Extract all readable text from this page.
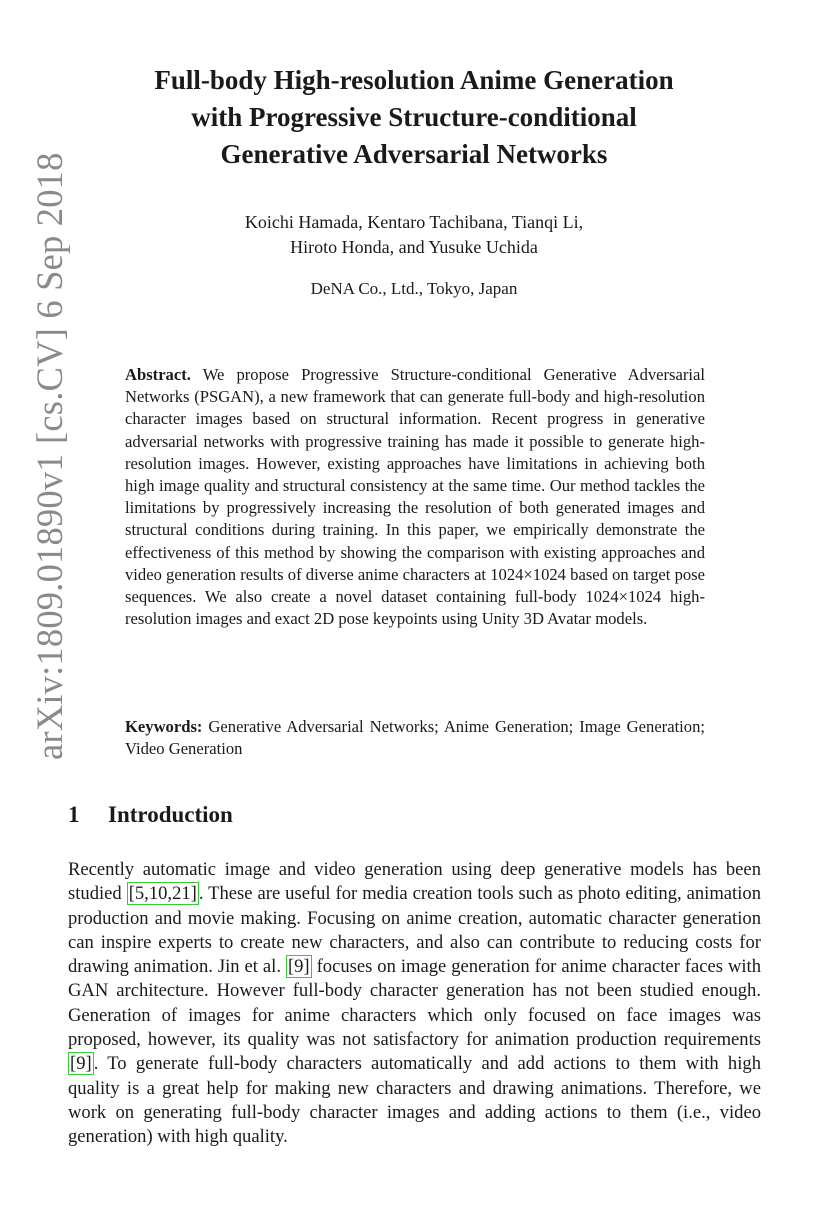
arXiv:1809.01890v1 [cs.CV] 6 Sep 2018
Full-body High-resolution Anime Generation
with Progressive Structure-conditional
Generative Adversarial Networks
Koichi Hamada, Kentaro Tachibana, Tianqi Li,
Hiroto Honda, and Yusuke Uchida
DeNA Co., Ltd., Tokyo, Japan
Abstract. We propose Progressive Structure-conditional Generative Adversarial Networks (PSGAN), a new framework that can generate full-body and high-resolution character images based on structural information. Recent progress in generative adversarial networks with progressive training has made it possible to generate high-resolution images. However, existing approaches have limitations in achieving both high image quality and structural consistency at the same time. Our method tackles the limitations by progressively increasing the resolution of both generated images and structural conditions during training. In this paper, we empirically demonstrate the effectiveness of this method by showing the comparison with existing approaches and video generation results of diverse anime characters at 1024×1024 based on target pose sequences. We also create a novel dataset containing full-body 1024×1024 high-resolution images and exact 2D pose keypoints using Unity 3D Avatar models.
Keywords: Generative Adversarial Networks; Anime Generation; Image Generation; Video Generation
1 Introduction
Recently automatic image and video generation using deep generative models has been studied [5,10,21] . These are useful for media creation tools such as photo editing, animation production and movie making. Focusing on anime creation, automatic character generation can inspire experts to create new characters, and also can contribute to reducing costs for drawing animation. Jin et al. [9] focuses on image generation for anime character faces with GAN architecture. However full-body character generation has not been studied enough. Generation of images for anime characters which only focused on face images was proposed, however, its quality was not satisfactory for animation production requirements [9] . To generate full-body characters automatically and add actions to them with high quality is a great help for making new characters and drawing animations. Therefore, we work on generating full-body character images and adding actions to them (i.e., video generation) with high quality.
